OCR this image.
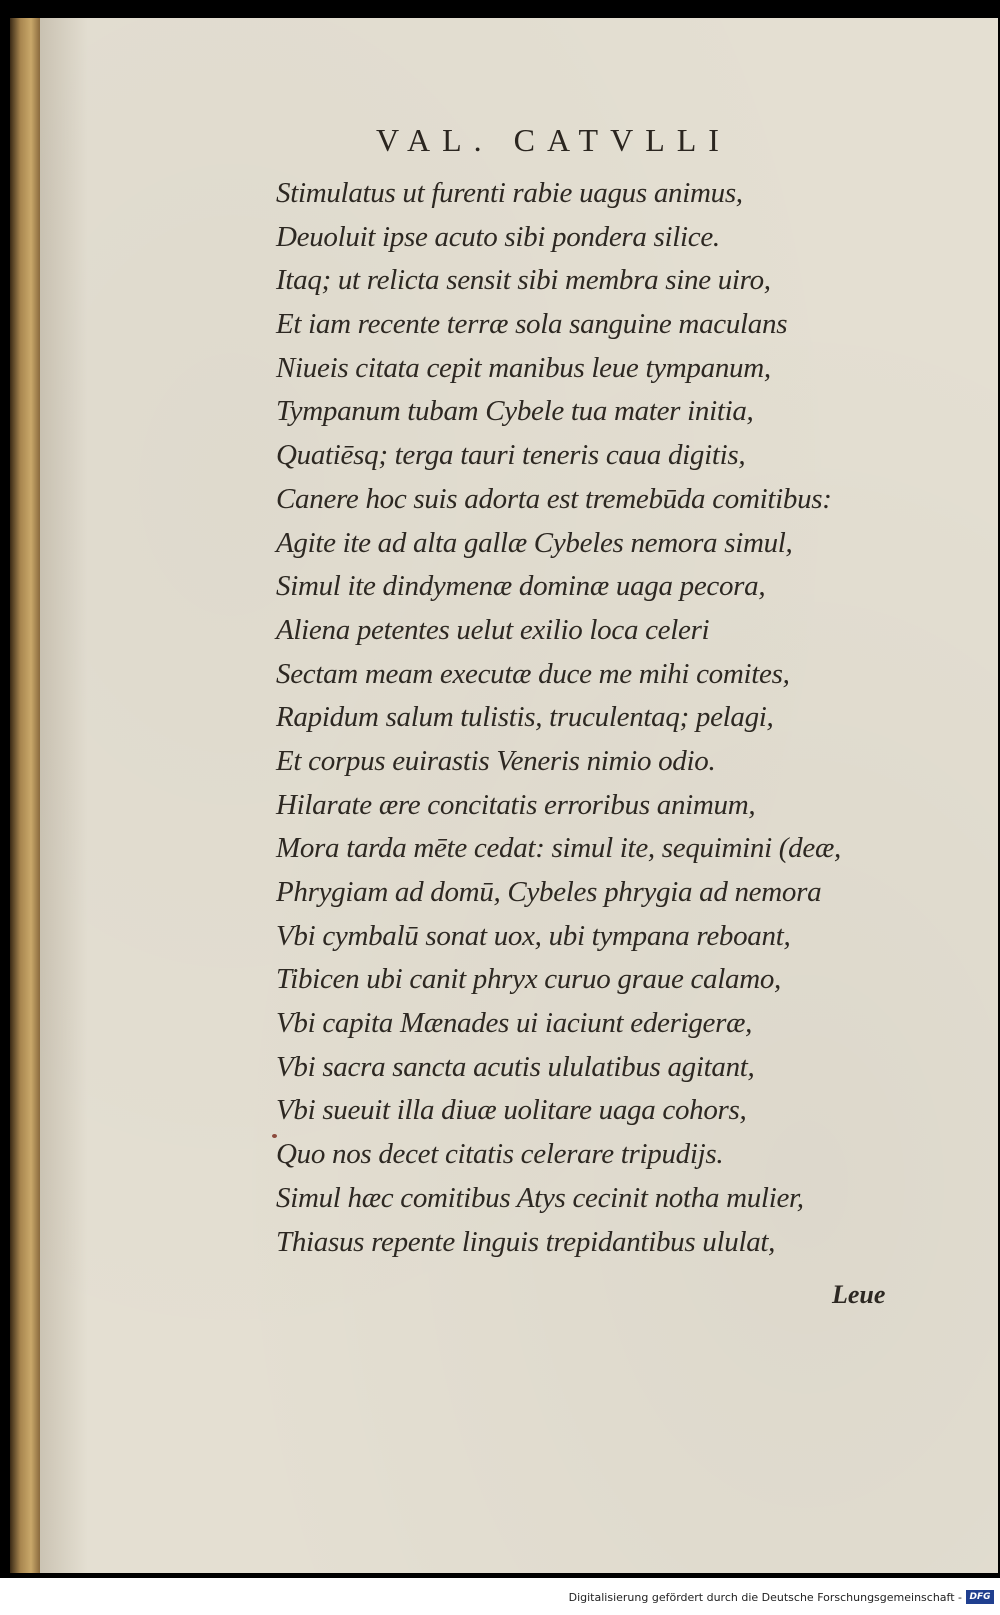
VAL. CATVLLI
Stimulatus ut furenti rabie uagus animus,
Deuoluit ipse acuto sibi pondera silice.
Itaq; ut relicta sensit sibi membra sine uiro,
Et iam recente terræ sola sanguine maculans
Niueis citata cepit manibus leue tympanum,
Tympanum tubam Cybele tua mater initia,
Quatiēsq; terga tauri teneris caua digitis,
Canere hoc suis adorta est tremebūda comitibus:
Agite ite ad alta gallæ Cybeles nemora simul,
Simul ite dindymenæ dominæ uaga pecora,
Aliena petentes uelut exilio loca celeri
Sectam meam executæ duce me mihi comites,
Rapidum salum tulistis, truculentaq; pelagi,
Et corpus euirastis Veneris nimio odio.
Hilarate ære concitatis erroribus animum,
Mora tarda mēte cedat: simul ite, sequimini (deæ,
Phrygiam ad domū, Cybeles phrygia ad nemora
Vbi cymbalū sonat uox, ubi tympana reboant,
Tibicen ubi canit phryx curuo graue calamo,
Vbi capita Mænades ui iaciunt ederigeræ,
Vbi sacra sancta acutis ululatibus agitant,
Vbi sueuit illa diuæ uolitare uaga cohors,
Quo nos decet citatis celerare tripudijs.
Simul hæc comitibus Atys cecinit notha mulier,
Thiasus repente linguis trepidantibus ululat,
Leue
Digitalisierung gefördert durch die Deutsche Forschungsgemeinschaft - DFG
